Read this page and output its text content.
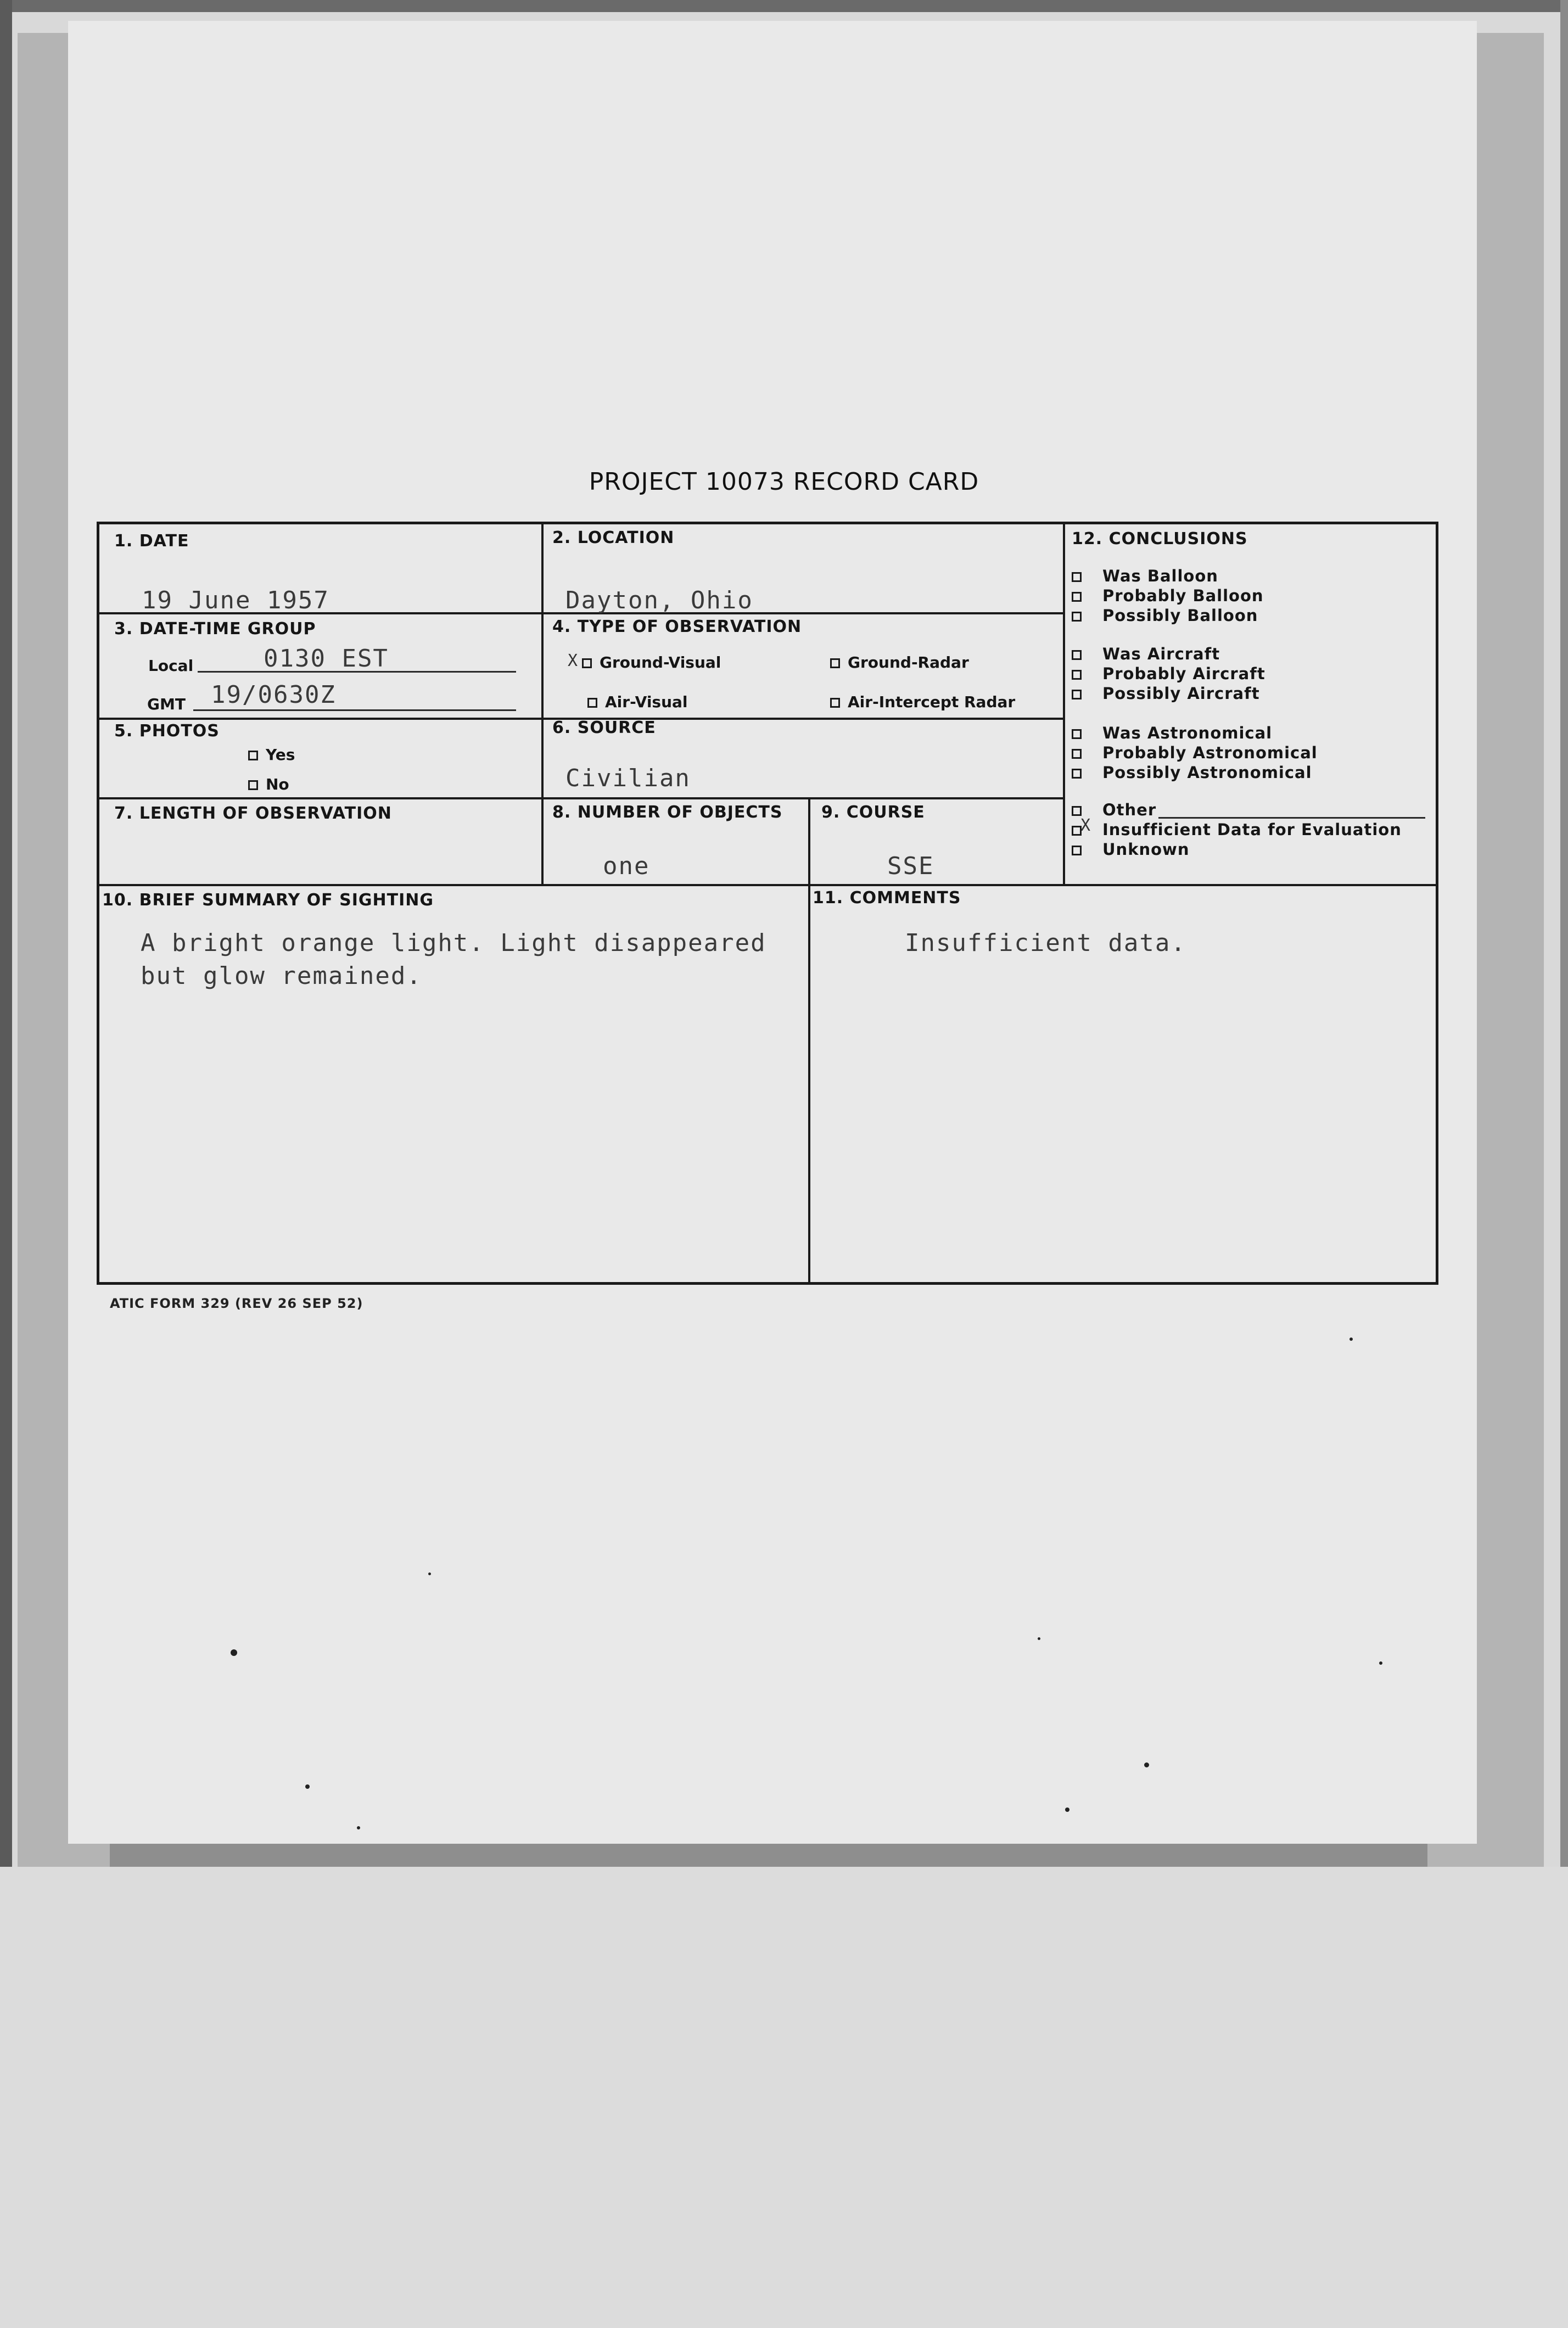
PROJECT 10073 RECORD CARD
1. DATE
19 June 1957
2. LOCATION
Dayton, Ohio
3. DATE-TIME GROUP
Local	0130 EST
GMT 19/0630Z
4. TYPE OF OBSERVATION
X	Ground-Visual	Ground-Radar
Air-Visual	Air-Intercept Radar
5. PHOTOS
Yes
No
6. SOURCE
Civilian
7. LENGTH OF OBSERVATION	8. NUMBER OF OBJECTS
one
9. COURSE
SSE
10. BRIEF SUMMARY OF SIGHTING
A bright orange light. Light disappeared
but glow remained.
11. COMMENTS
Insufficient data.
12. CONCLUSIONS
Was Balloon
Probably Balloon
Possibly Balloon
Was Aircraft
Probably Aircraft
Possibly Aircraft
Was Astronomical
Probably Astronomical
Possibly Astronomical
Other
X Insufficient Data for Evaluation
Unknown
ATIC FORM 329 (REV 26 SEP 52)
